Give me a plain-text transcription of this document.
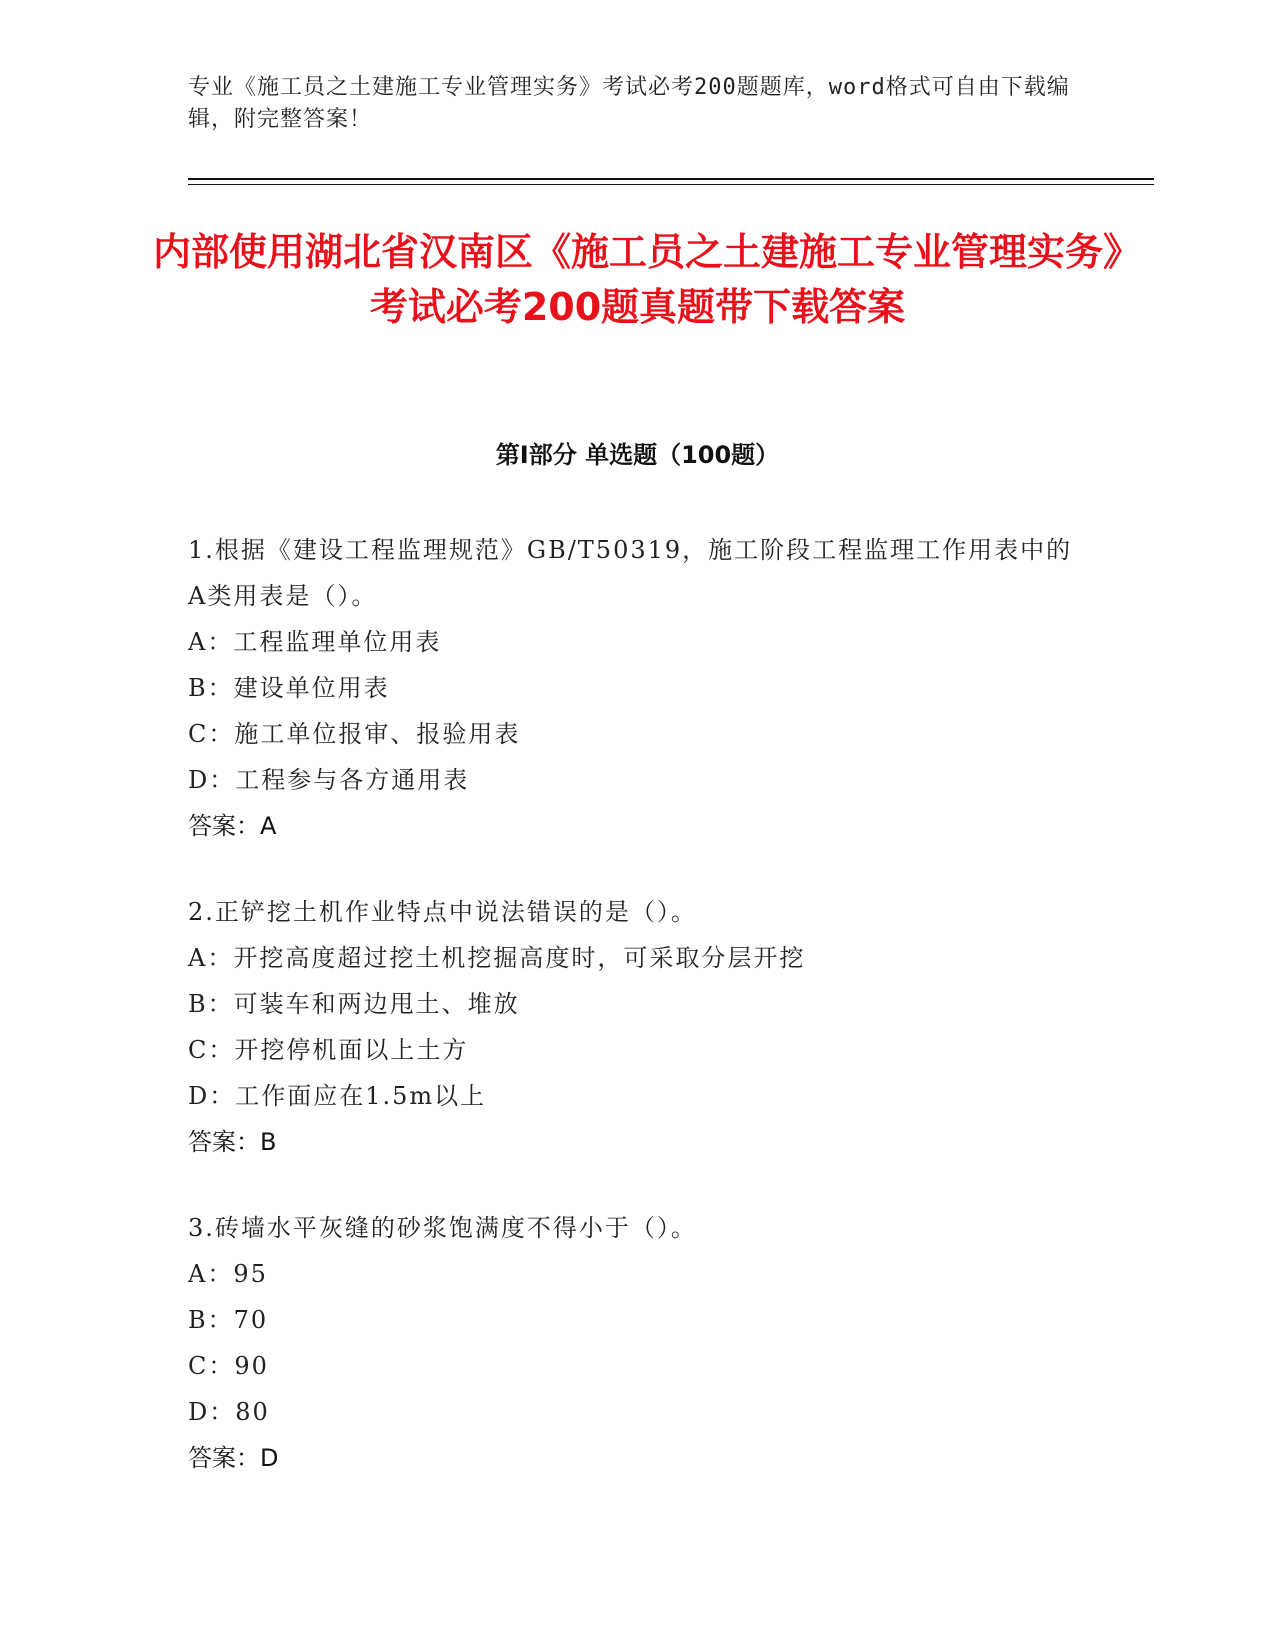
专业《施工员之土建施工专业管理实务》考试必考200题题库，word格式可自由下载编辑，附完整答案！
内部使用湖北省汉南区《施工员之土建施工专业管理实务》考试必考200题真题带下载答案
第I部分 单选题（100题）

1.根据《建设工程监理规范》GB/T50319，施工阶段工程监理工作用表中的A类用表是（）。

A：工程监理单位用表

B：建设单位用表

C：施工单位报审、报验用表

D：工程参与各方通用表

答案：A

2.正铲挖土机作业特点中说法错误的是（）。

A：开挖高度超过挖土机挖掘高度时，可采取分层开挖

B：可装车和两边甩土、堆放

C：开挖停机面以上土方

D：工作面应在1.5m以上

答案：B

3.砖墙水平灰缝的砂浆饱满度不得小于（）。

A：95

B：70

C：90

D：80

答案：D
